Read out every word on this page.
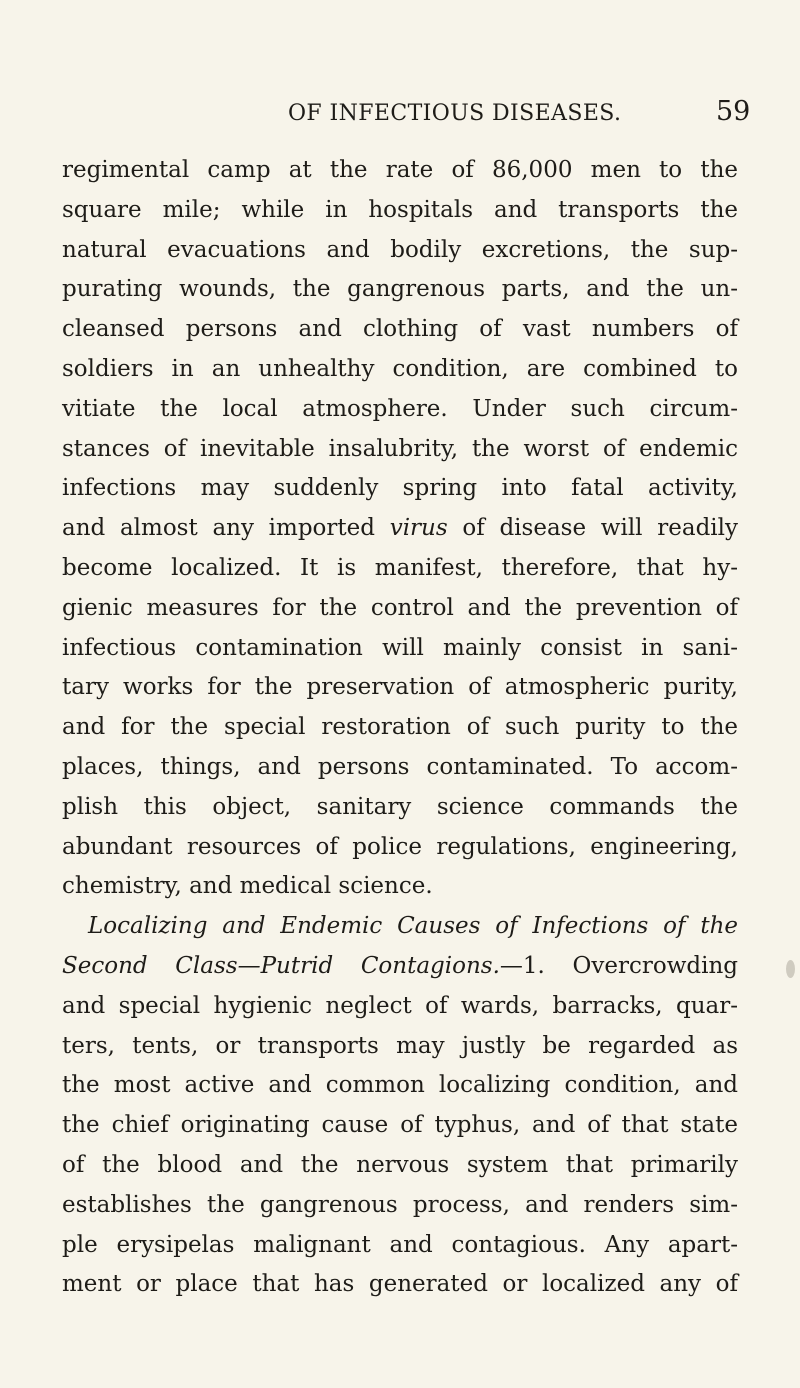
OF INFECTIOUS DISEASES.	59
regimental camp at the rate of 86,000 men to the
square mile; while in hospitals and transports the
natural evacuations and bodily excretions, the sup-
purating wounds, the gangrenous parts, and the un-
cleansed persons and clothing of vast numbers of
soldiers in an unhealthy condition, are combined to
vitiate the local atmosphere. Under such circum-
stances of inevitable insalubrity, the worst of endemic
infections may suddenly spring into fatal activity,
and almost any imported virus of disease will readily
become localized. It is manifest, therefore, that hy-
gienic measures for the control and the prevention of
infectious contamination will mainly consist in sani-
tary works for the preservation of atmospheric purity,
and for the special restoration of such purity to the
places, things, and persons contaminated. To accom-
plish this object, sanitary science commands the
abundant resources of police regulations, engineering,
chemistry, and medical science.
Localizing and Endemic Causes of Infections of the
Second Class—Putrid Contagions.—1. Overcrowding
and special hygienic neglect of wards, barracks, quar-
ters, tents, or transports may justly be regarded as
the most active and common localizing condition, and
the chief originating cause of typhus, and of that state
of the blood and the nervous system that primarily
establishes the gangrenous process, and renders sim-
ple erysipelas malignant and contagious. Any apart-
ment or place that has generated or localized any of
